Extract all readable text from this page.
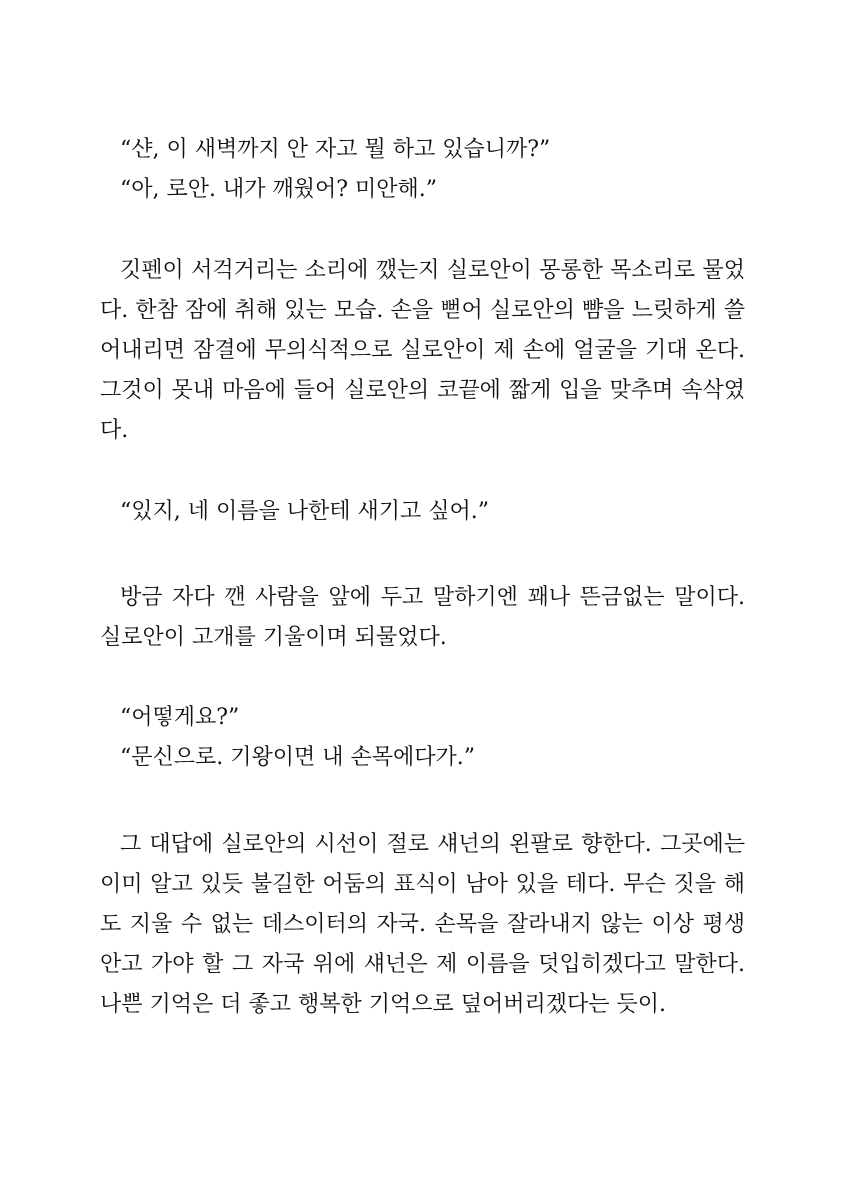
“샨, 이 새벽까지 안 자고 뭘 하고 있습니까?”

“아, 로안. 내가 깨웠어? 미안해.”

깃펜이 서걱거리는 소리에 깼는지 실로안이 몽롱한 목소리로 물었

다. 한참 잠에 취해 있는 모습. 손을 뻗어 실로안의 뺨을 느릿하게 쓸

어내리면 잠결에 무의식적으로 실로안이 제 손에 얼굴을 기대 온다.

그것이 못내 마음에 들어 실로안의 코끝에 짧게 입을 맞추며 속삭였

다.

“있지, 네 이름을 나한테 새기고 싶어.”

방금 자다 깬 사람을 앞에 두고 말하기엔 꽤나 뜬금없는 말이다.

실로안이 고개를 기울이며 되물었다.

“어떻게요?”

“문신으로. 기왕이면 내 손목에다가.”

그 대답에 실로안의 시선이 절로 섀넌의 왼팔로 향한다. 그곳에는

이미 알고 있듯 불길한 어둠의 표식이 남아 있을 테다. 무슨 짓을 해

도 지울 수 없는 데스이터의 자국. 손목을 잘라내지 않는 이상 평생

안고 가야 할 그 자국 위에 섀넌은 제 이름을 덧입히겠다고 말한다.

나쁜 기억은 더 좋고 행복한 기억으로 덮어버리겠다는 듯이.
